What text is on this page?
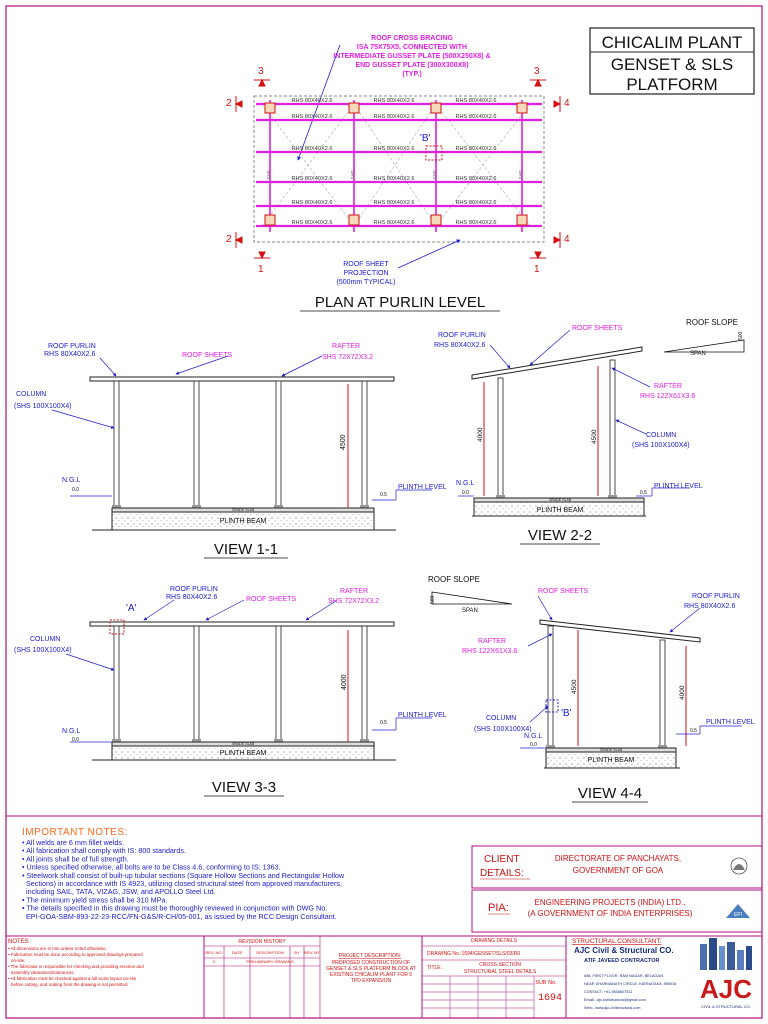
CHICALIM PLANT
GENSET & SLS
PLATFORM
ROOF CROSS BRACING
ISA 75X75X5, CONNECTED WITH
INTERMEDIATE GUSSET PLATE (500X250X8) &
END GUSSET PLATE (300X300X8)
(TYP.)
RHS 80X40X2.6	RHS 80X40X2.6	RHS 80X40X2.6
RHS 80X40X2.6	RHS 80X40X2.6	RHS 80X40X2.6
RHS 80X40X2.6	RHS 80X40X2.6	RHS 80X40X2.6
RHS 80X40X2.6	RHS 80X40X2.6	RHS 80X40X2.6
RHS 80X40X2.6	RHS 80X40X2.6	RHS 80X40X2.6
RHS 80X40X2.6	RHS 80X40X2.6	RHS 80X40X2.6
SHS	SHS	SHS	SHS
'B'
3	3
2
2
4
4
1	1
ROOF SHEET
PROJECTION
(500mm TYPICAL)
PLAN AT PURLIN LEVEL
GRADE SLAB
PLINTH BEAM
4500
ROOF PURLIN
RHS 80X40X2.6	ROOF SHEETS
RAFTER
SHS 72X72X3.2
COLUMN
(SHS 100X100X4)
N.G.L
0.0	PLINTH LEVEL
0.5
VIEW 1-1
GRADE SLAB
PLINTH BEAM
4000	4500
ROOF SLOPE
SPAN
500
ROOF PURLIN
RHS 80X40X2.6
ROOF SHEETS
RAFTER
RHS 122X61X3.6
COLUMN
(SHS 100X100X4)
N.G.L
0.0
PLINTH LEVEL
0.5
VIEW 2-2
GRADE SLAB
PLINTH BEAM
4000
'A'
ROOF PURLIN
RHS 80X40X2.6	ROOF SHEETS
RAFTER
SHS 72X72X3.2
COLUMN
(SHS 100X100X4)
N.G.L
0.0
PLINTH LEVEL
0.5
VIEW 3-3
GRADE SLAB
PLINTH BEAM
4500	4000
ROOF SLOPE
SPAN
500
'B'
ROOF SHEETS
ROOF PURLIN
RHS 80X40X2.6
RAFTER
RHS 122X61X3.6
COLUMN
(SHS 100X100X4)
N.G.L
0.0
PLINTH LEVEL
0.5
VIEW 4-4
IMPORTANT NOTES:
• All welds are 6 mm fillet welds.
• All fabrication shall comply with IS: 800 standards.
• All joints shall be of full strength.
• Unless specified otherwise, all bolts are to be Class 4.6, conforming to IS: 1363.
• Steelwork shall consist of built-up tubular sections (Square Hollow Sections and Rectangular Hollow
Sections) in accordance with IS 4923, utilizing closed structural steel from approved manufacturers,
including SAIL, TATA, VIZAG, JSW, and APOLLO Steel Ltd.
• The minimum yield stress shall be 310 MPa.
• The details specified in this drawing must be thoroughly reviewed in conjunction with DWG No.
EPI-GOA-SBM-893-22-23-RCC/FN-G&S/R-CH/05-001, as issued by the RCC Design Consultant.
CLIENT
DETAILS:
DIRECTORATE OF PANCHAYATS,
GOVERNMENT OF GOA
PIA:	ENGINEERING PROJECTS (INDIA) LTD.,
(A GOVERNMENT OF INDIA ENTERPRISES)	EPI
NOTES
• All dimensions are in mm unless noted otherwise.
• Fabrication must be done according to approved drawings prepared
on-site.
• The fabricator is responsible for checking and providing erection and
assembly clearances/tolerances.
• All fabrication must be checked against a full-scale layout on-site
before cutting, and scaling from the drawing is not permitted.
REVISION HISTORY
REV. NO. DATE	DESCRIPTION	BY REV. BY
0	PRELIMINARY DRAWING
PROJECT DESCRIPTION:
PROPOSED CONSTRUCTION OF
GENSET & SLS PLATFORM BLOCK AT
EXISTING CHICALIM PLANT FOR 5
TPD EXPANSION
DRAWING DETAILS
DRAWING No.:1694/GENSET/SLS/03/R0
TITLE:	CROSS-SECTION
STRUCTURAL STEEL DETAILS
SUB No.
1694
STRUCTURAL CONSULTANT:
AJC Civil & Structural CO.
ATIF JAVEED CONTRACTOR
#58, FIRST FLOOR, RAM NAGAR, BELAGAVI,
NEAR DHARMANATH CIRCLE, KARNATAKA, 590016
CONTACT: +91-9538607511
Email:- ajc.civilstructural@gmail.com
Web:- www.ajc-civilstructural.com
AJC
CIVIL & STRUCTURAL CO.
